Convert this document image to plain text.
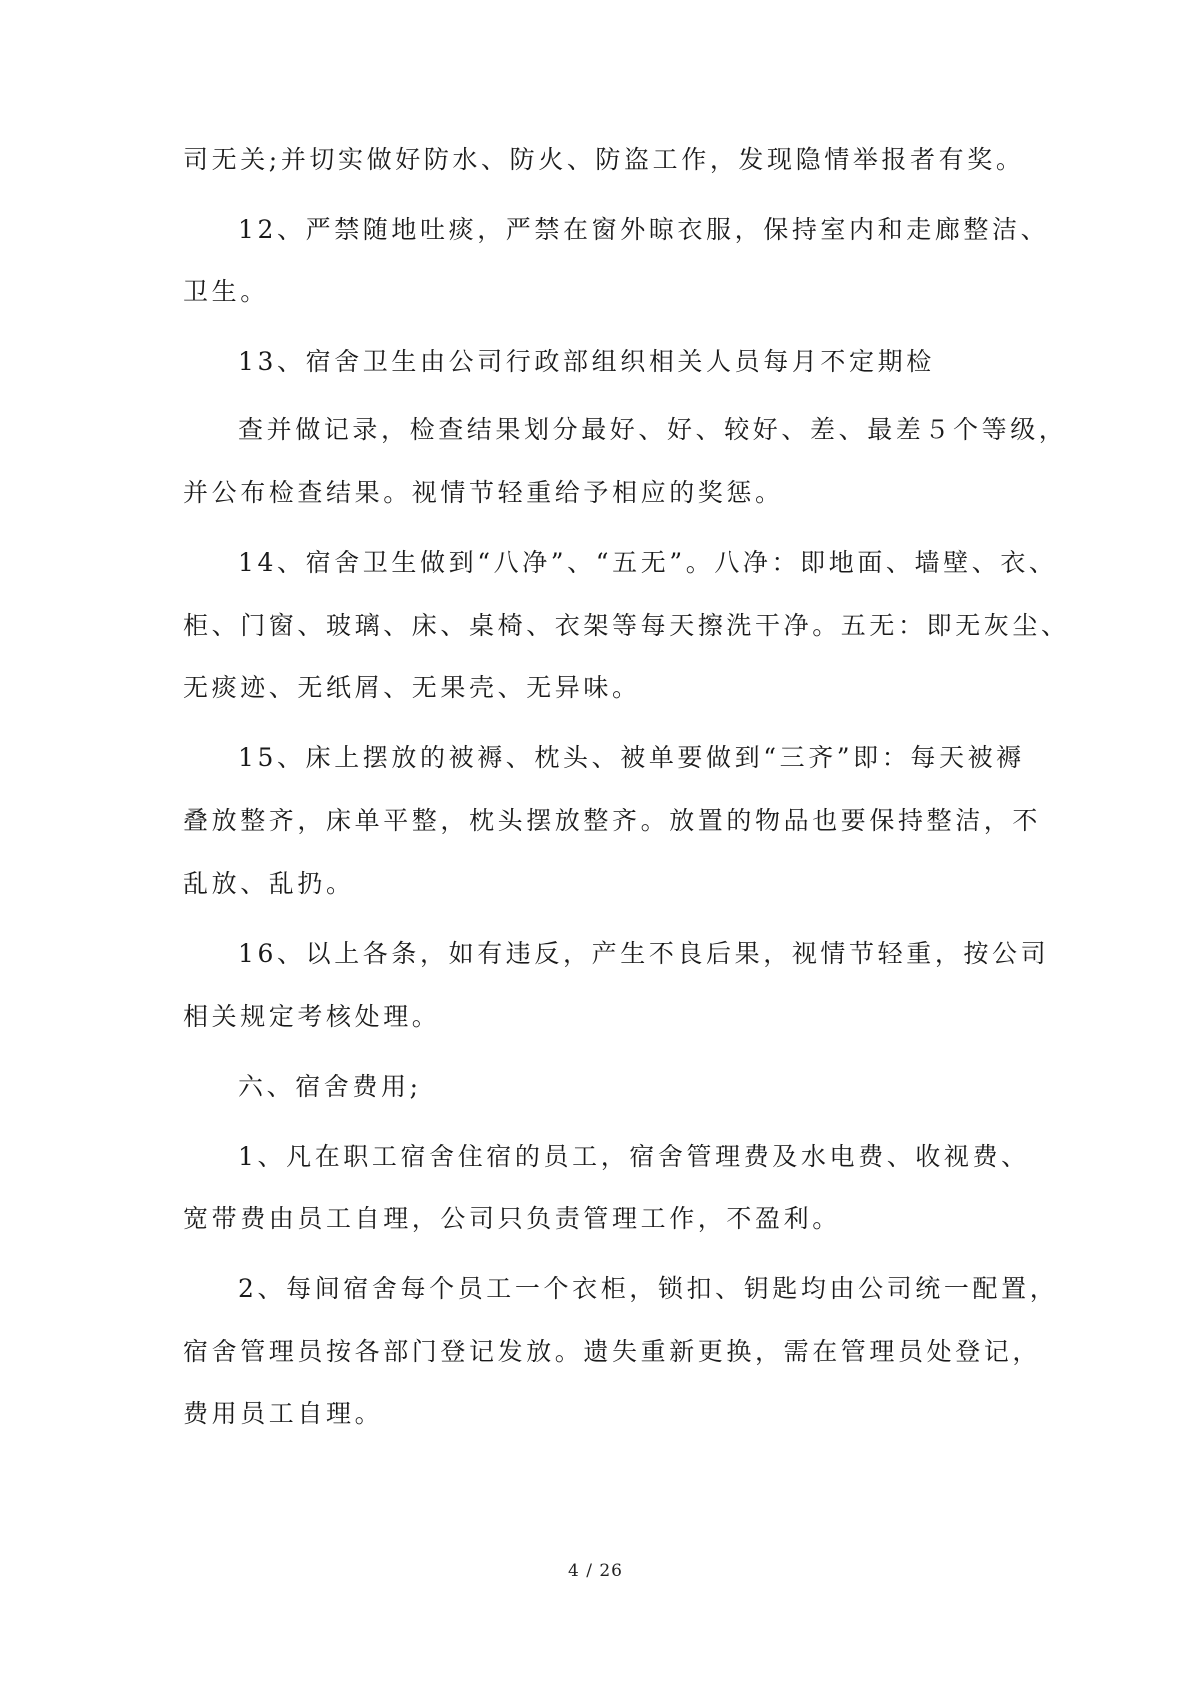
司无关;并切实做好防水、防火、防盗工作，发现隐情举报者有奖。
12、严禁随地吐痰，严禁在窗外晾衣服，保持室内和走廊整洁、
卫生。
13、宿舍卫生由公司行政部组织相关人员每月不定期检
查并做记录，检查结果划分最好、好、较好、差、最差５个等级，
并公布检查结果。视情节轻重给予相应的奖惩。
14、宿舍卫生做到“八净”、“五无”。八净：即地面、墙壁、衣、
柜、门窗、玻璃、床、桌椅、衣架等每天擦洗干净。五无：即无灰尘、
无痰迹、无纸屑、无果壳、无异味。
15、床上摆放的被褥、枕头、被单要做到“三齐”即：每天被褥
叠放整齐，床单平整，枕头摆放整齐。放置的物品也要保持整洁，不
乱放、乱扔。
16、以上各条，如有违反，产生不良后果，视情节轻重，按公司
相关规定考核处理。
六、宿舍费用;
1、凡在职工宿舍住宿的员工，宿舍管理费及水电费、收视费、
宽带费由员工自理，公司只负责管理工作，不盈利。
2、每间宿舍每个员工一个衣柜，锁扣、钥匙均由公司统一配置，
宿舍管理员按各部门登记发放。遗失重新更换，需在管理员处登记，
费用员工自理。
4 / 26
